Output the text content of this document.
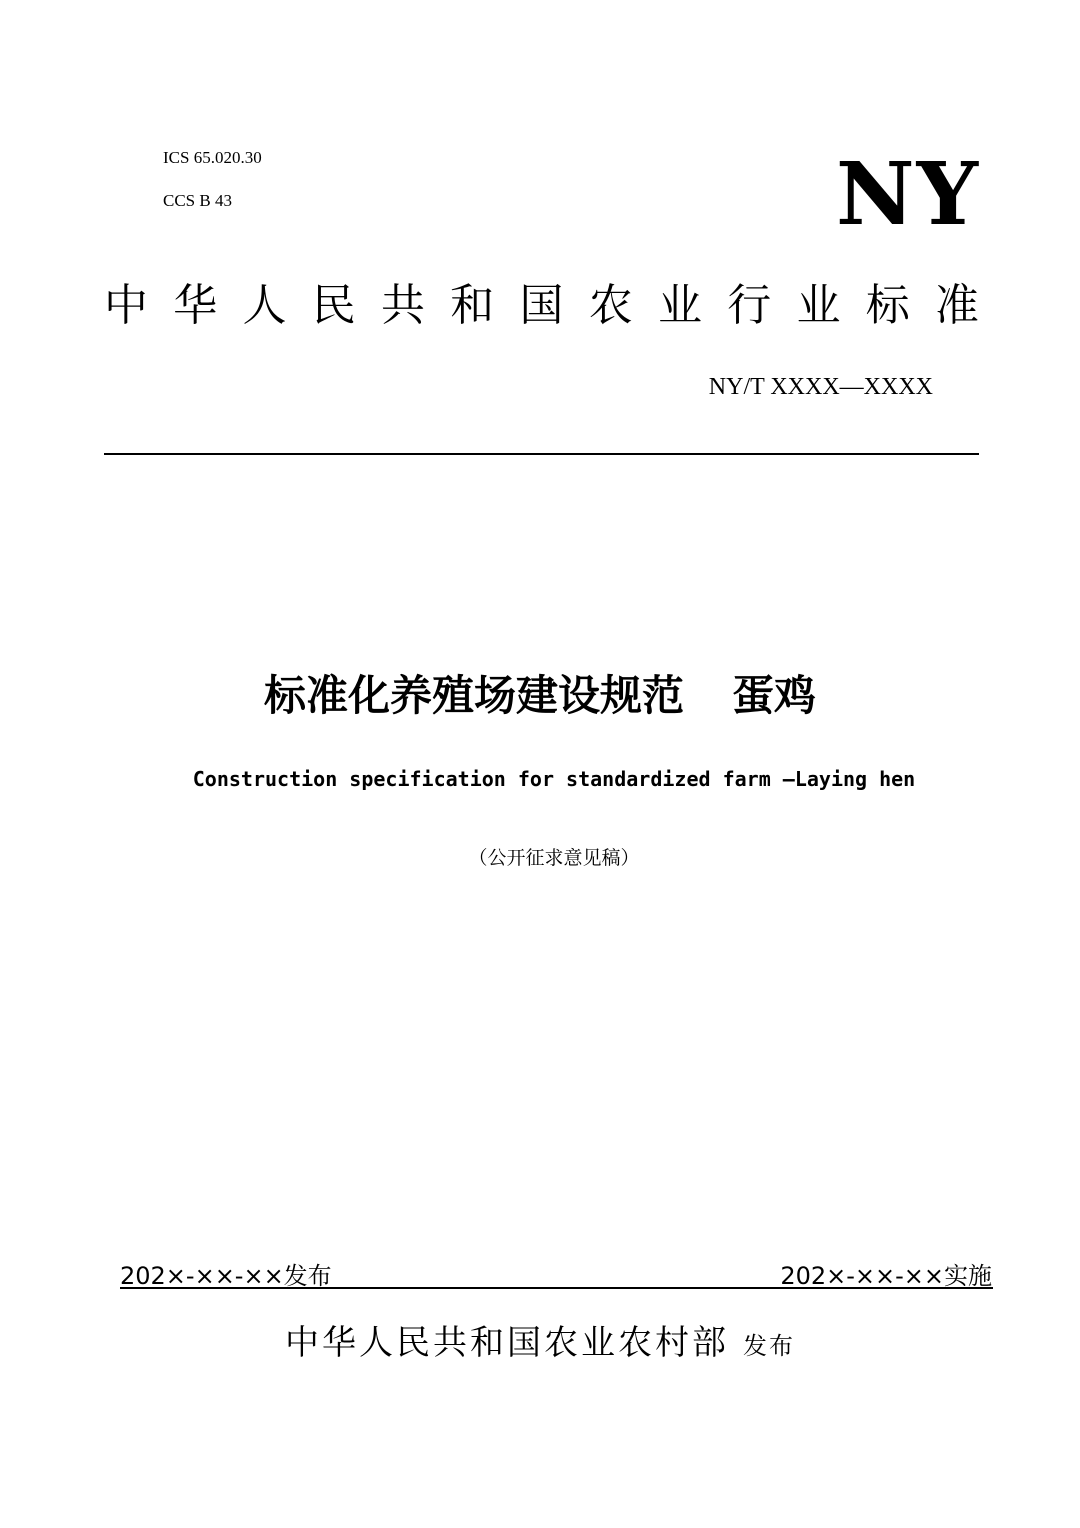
ICS 65.020.30
CCS B 43	NY
中华人民共和国农业行业标准
NY/T XXXX—XXXX
标准化养殖场建设规范 蛋鸡
Construction specification for standardized farm —Laying hen
（公开征求意见稿）
202×-××-××发布	202×-××-××实施
中华人民共和国农业农村部 发布
